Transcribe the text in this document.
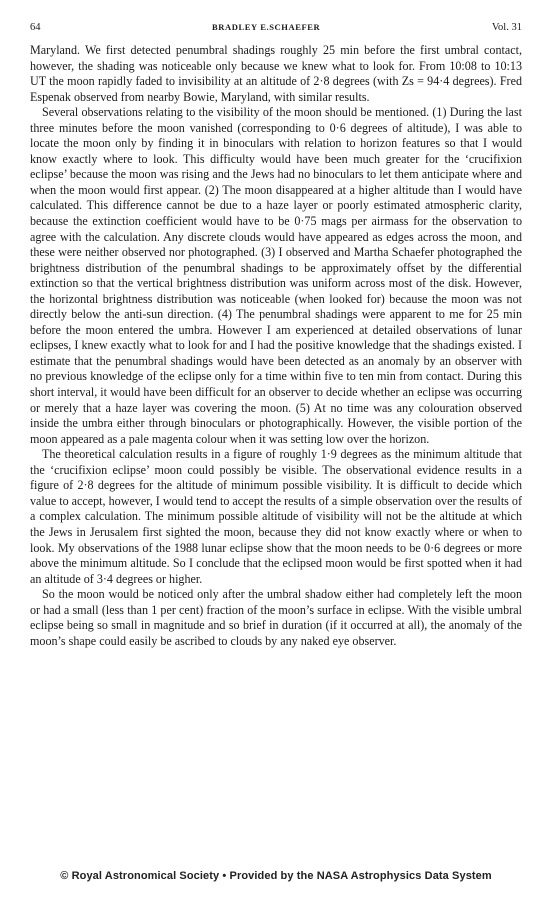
64	BRADLEY E.SCHAEFER	Vol. 31

Maryland. We first detected penumbral shadings roughly 25 min before the first umbral contact, however, the shading was noticeable only because we knew what to look for. From 10:08 to 10:13 UT the moon rapidly faded to invisibility at an altitude of 2·8 degrees (with Zs = 94·4 degrees). Fred Espenak observed from nearby Bowie, Maryland, with similar results.

Several observations relating to the visibility of the moon should be mentioned. (1) During the last three minutes before the moon vanished (corresponding to 0·6 degrees of altitude), I was able to locate the moon only by finding it in binoculars with relation to horizon features so that I would know exactly where to look. This difficulty would have been much greater for the ‘crucifixion eclipse’ because the moon was rising and the Jews had no binoculars to let them anticipate where and when the moon would first appear. (2) The moon disappeared at a higher altitude than I would have calculated. This difference cannot be due to a haze layer or poorly estimated atmospheric clarity, because the extinction coefficient would have to be 0·75 mags per airmass for the observation to agree with the calculation. Any discrete clouds would have appeared as edges across the moon, and these were neither observed nor photographed. (3) I observed and Martha Schaefer photographed the brightness distribution of the penumbral shadings to be approximately offset by the differential extinction so that the vertical brightness distribution was uniform across most of the disk. However, the horizontal brightness distribution was noticeable (when looked for) because the moon was not directly below the anti-sun direction. (4) The penumbral shadings were apparent to me for 25 min before the moon entered the umbra. However I am experienced at detailed observations of lunar eclipses, I knew exactly what to look for and I had the positive knowledge that the shadings existed. I estimate that the penumbral shadings would have been detected as an anomaly by an observer with no previous knowledge of the eclipse only for a time within five to ten min from contact. During this short interval, it would have been difficult for an observer to decide whether an eclipse was occurring or merely that a haze layer was covering the moon. (5) At no time was any colouration observed inside the umbra either through binoculars or photographically. However, the visible portion of the moon appeared as a pale magenta colour when it was setting low over the horizon.

The theoretical calculation results in a figure of roughly 1·9 degrees as the minimum altitude that the ‘crucifixion eclipse’ moon could possibly be visible. The observational evidence results in a figure of 2·8 degrees for the altitude of minimum possible visibility. It is difficult to decide which value to accept, however, I would tend to accept the results of a simple observation over the results of a complex calculation. The minimum possible altitude of visibility will not be the altitude at which the Jews in Jerusalem first sighted the moon, because they did not know exactly where or when to look. My observations of the 1988 lunar eclipse show that the moon needs to be 0·6 degrees or more above the minimum altitude. So I conclude that the eclipsed moon would be first spotted when it had an altitude of 3·4 degrees or higher.

So the moon would be noticed only after the umbral shadow either had completely left the moon or had a small (less than 1 per cent) fraction of the moon’s surface in eclipse. With the visible umbral eclipse being so small in magnitude and so brief in duration (if it occurred at all), the anomaly of the moon’s shape could easily be ascribed to clouds by any naked eye observer.

© Royal Astronomical Society • Provided by the NASA Astrophysics Data System
